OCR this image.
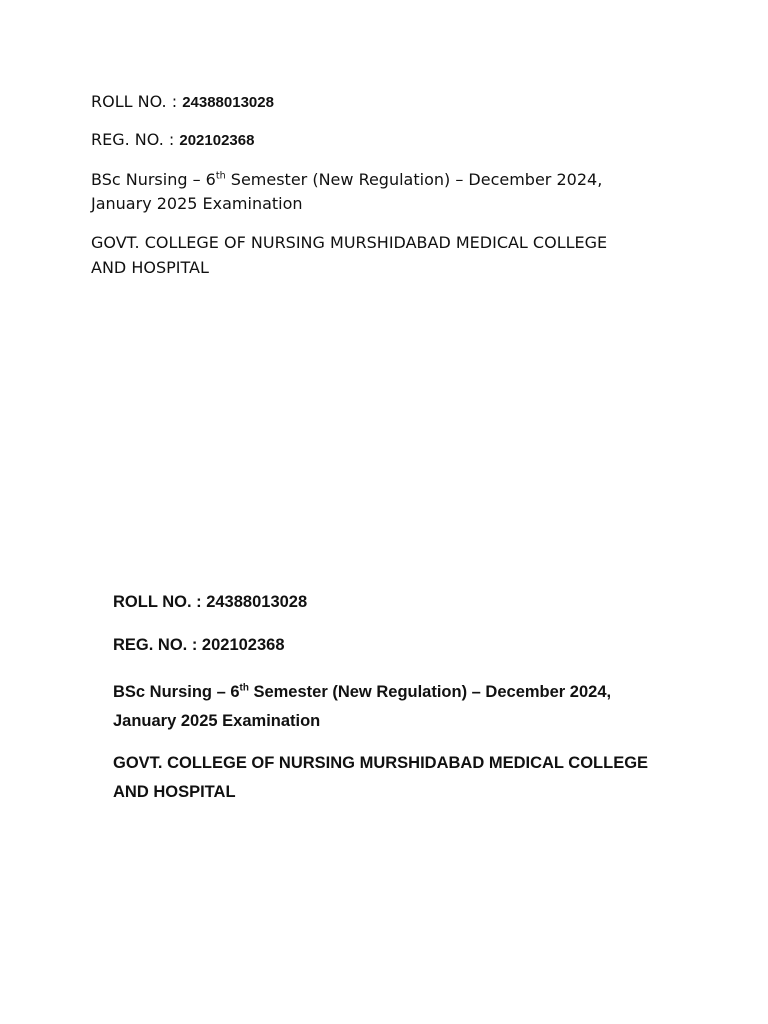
ROLL NO. : 24388013028

REG. NO. : 202102368

BSc Nursing – 6th Semester (New Regulation) – December 2024,
January 2025 Examination

GOVT. COLLEGE OF NURSING MURSHIDABAD MEDICAL COLLEGE
AND HOSPITAL

ROLL NO. : 24388013028

REG. NO. : 202102368

BSc Nursing – 6th Semester (New Regulation) – December 2024,
January 2025 Examination

GOVT. COLLEGE OF NURSING MURSHIDABAD MEDICAL COLLEGE
AND HOSPITAL
